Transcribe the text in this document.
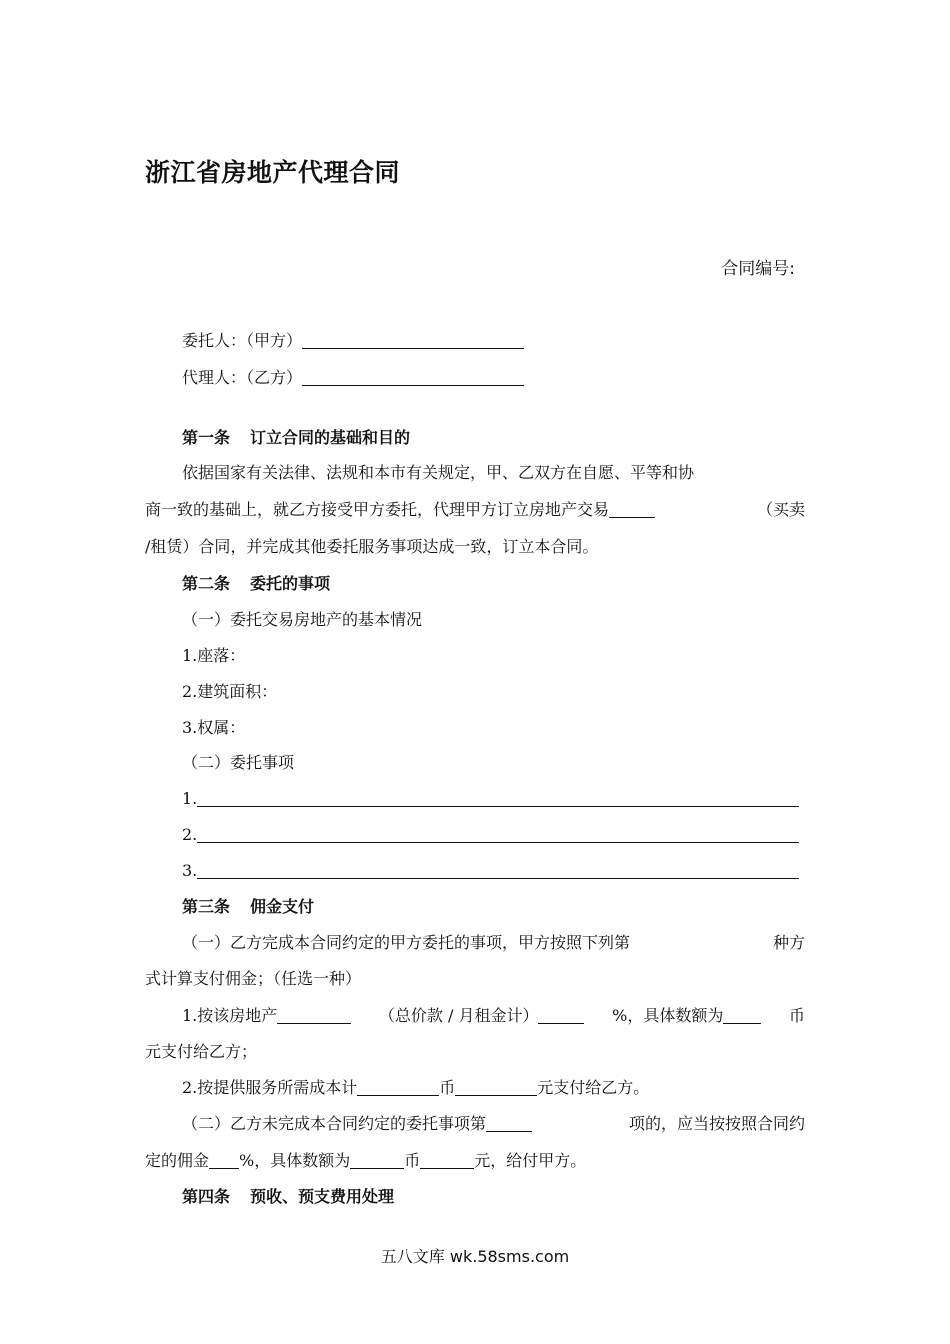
浙江省房地产代理合同
合同编号:
委托人：（甲方）
代理人：（乙方）
第一条 订立合同的基础和目的
依据国家有关法律、法规和本市有关规定，甲、乙双方在自愿、平等和协
商一致的基础上，就乙方接受甲方委托，代理甲方订立房地产交易	（买卖
/租赁）合同，并完成其他委托服务事项达成一致，订立本合同。
第二条 委托的事项
（一）委托交易房地产的基本情况
1.座落：
2.建筑面积：
3.权属：
（二）委托事项
1.
2.
3.
第三条 佣金支付
（一）乙方完成本合同约定的甲方委托的事项，甲方按照下列第	种方
式计算支付佣金；（任选一种）
1.按该房地产	（总价款 / 月租金计）	%，具体数额为	币
元支付给乙方；
2.按提供服务所需成本计	币	元支付给乙方。
（二）乙方未完成本合同约定的委托事项第	项的，应当按按照合同约
定的佣金 %，具体数额为	币	元，给付甲方。
第四条 预收、预支费用处理
五八文库 wk.58sms.com
